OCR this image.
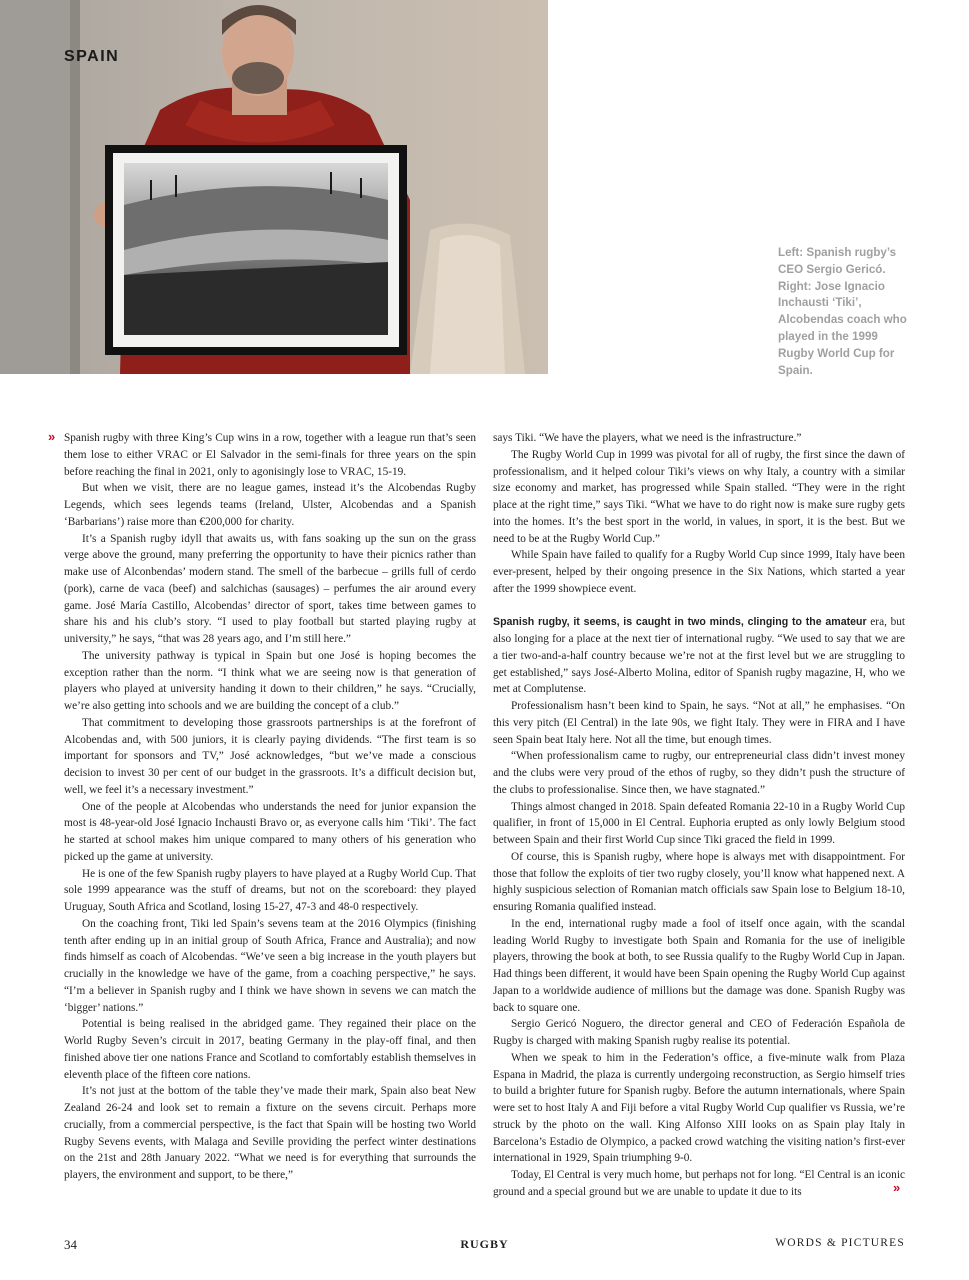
SPAIN

Left: Spanish rugby’s CEO Sergio Gericó. Right: Jose Ignacio Inchausti ‘Tiki’, Alcobendas coach who played in the 1999 Rugby World Cup for Spain.

» Spanish rugby with three King’s Cup wins in a row, together with a league run that’s seen them lose to either VRAC or El Salvador in the semi-finals for three years on the spin before reaching the final in 2021, only to agonisingly lose to VRAC, 15-19.

But when we visit, there are no league games, instead it’s the Alcobendas Rugby Legends, which sees legends teams (Ireland, Ulster, Alcobendas and a Spanish ‘Barbarians’) raise more than €200,000 for charity.

It’s a Spanish rugby idyll that awaits us, with fans soaking up the sun on the grass verge above the ground, many preferring the opportunity to have their picnics rather than make use of Alconbendas’ modern stand. The smell of the barbecue – grills full of cerdo (pork), carne de vaca (beef) and salchichas (sausages) – perfumes the air around every game. José María Castillo, Alcobendas’ director of sport, takes time between games to share his and his club’s story. “I used to play football but started playing rugby at university,” he says, “that was 28 years ago, and I’m still here.”

The university pathway is typical in Spain but one José is hoping becomes the exception rather than the norm. “I think what we are seeing now is that generation of players who played at university handing it down to their children,” he says. “Crucially, we’re also getting into schools and we are building the concept of a club.”

That commitment to developing those grassroots partnerships is at the forefront of Alcobendas and, with 500 juniors, it is clearly paying dividends. “The first team is so important for sponsors and TV,” José acknowledges, “but we’ve made a conscious decision to invest 30 per cent of our budget in the grassroots. It’s a difficult decision but, well, we feel it’s a necessary investment.”

One of the people at Alcobendas who understands the need for junior expansion the most is 48-year-old José Ignacio Inchausti Bravo or, as everyone calls him ‘Tiki’. The fact he started at school makes him unique compared to many others of his generation who picked up the game at university.

He is one of the few Spanish rugby players to have played at a Rugby World Cup. That sole 1999 appearance was the stuff of dreams, but not on the scoreboard: they played Uruguay, South Africa and Scotland, losing 15-27, 47-3 and 48-0 respectively.

On the coaching front, Tiki led Spain’s sevens team at the 2016 Olympics (finishing tenth after ending up in an initial group of South Africa, France and Australia); and now finds himself as coach of Alcobendas. “We’ve seen a big increase in the youth players but crucially in the knowledge we have of the game, from a coaching perspective,” he says. “I’m a believer in Spanish rugby and I think we have shown in sevens we can match the ‘bigger’ nations.”

Potential is being realised in the abridged game. They regained their place on the World Rugby Seven’s circuit in 2017, beating Germany in the play-off final, and then finished above tier one nations France and Scotland to comfortably establish themselves in eleventh place of the fifteen core nations.

It’s not just at the bottom of the table they’ve made their mark, Spain also beat New Zealand 26-24 and look set to remain a fixture on the sevens circuit. Perhaps more crucially, from a commercial perspective, is the fact that Spain will be hosting two World Rugby Sevens events, with Malaga and Seville providing the perfect winter destinations on the 21st and 28th January 2022. “What we need is for everything that surrounds the players, the environment and support, to be there,”

says Tiki. “We have the players, what we need is the infrastructure.”

The Rugby World Cup in 1999 was pivotal for all of rugby, the first since the dawn of professionalism, and it helped colour Tiki’s views on why Italy, a country with a similar size economy and market, has progressed while Spain stalled. “They were in the right place at the right time,” says Tiki. “What we have to do right now is make sure rugby gets into the homes. It’s the best sport in the world, in values, in sport, it is the best. But we need to be at the Rugby World Cup.”

While Spain have failed to qualify for a Rugby World Cup since 1999, Italy have been ever-present, helped by their ongoing presence in the Six Nations, which started a year after the 1999 showpiece event.

Spanish rugby, it seems, is caught in two minds, clinging to the amateur era, but also longing for a place at the next tier of international rugby. “We used to say that we are a tier two-and-a-half country because we’re not at the first level but we are struggling to get established,” says José-Alberto Molina, editor of Spanish rugby magazine, H, who we met at Complutense.

Professionalism hasn’t been kind to Spain, he says. “Not at all,” he emphasises. “On this very pitch (El Central) in the late 90s, we fight Italy. They were in FIRA and I have seen Spain beat Italy here. Not all the time, but enough times.

“When professionalism came to rugby, our entrepreneurial class didn’t invest money and the clubs were very proud of the ethos of rugby, so they didn’t push the structure of the clubs to professionalise. Since then, we have stagnated.”

Things almost changed in 2018. Spain defeated Romania 22-10 in a Rugby World Cup qualifier, in front of 15,000 in El Central. Euphoria erupted as only lowly Belgium stood between Spain and their first World Cup since Tiki graced the field in 1999.

Of course, this is Spanish rugby, where hope is always met with disappointment. For those that follow the exploits of tier two rugby closely, you’ll know what happened next. A highly suspicious selection of Romanian match officials saw Spain lose to Belgium 18-10, ensuring Romania qualified instead.

In the end, international rugby made a fool of itself once again, with the scandal leading World Rugby to investigate both Spain and Romania for the use of ineligible players, throwing the book at both, to see Russia qualify to the Rugby World Cup in Japan. Had things been different, it would have been Spain opening the Rugby World Cup against Japan to a worldwide audience of millions but the damage was done. Spanish Rugby was back to square one.

Sergio Gericó Noguero, the director general and CEO of Federación Española de Rugby is charged with making Spanish rugby realise its potential.

When we speak to him in the Federation’s office, a five-minute walk from Plaza Espana in Madrid, the plaza is currently undergoing reconstruction, as Sergio himself tries to build a brighter future for Spanish rugby. Before the autumn internationals, where Spain were set to host Italy A and Fiji before a vital Rugby World Cup qualifier vs Russia, we’re struck by the photo on the wall. King Alfonso XIII looks on as Spain play Italy in Barcelona’s Estadio de Olympico, a packed crowd watching the visiting nation’s first-ever international in 1929, Spain triumphing 9-0.

Today, El Central is very much home, but perhaps not for long. “El Central is an iconic ground and a special ground but we are unable to update it due to its	»
34	RUGBY	WORDS & PICTURES
